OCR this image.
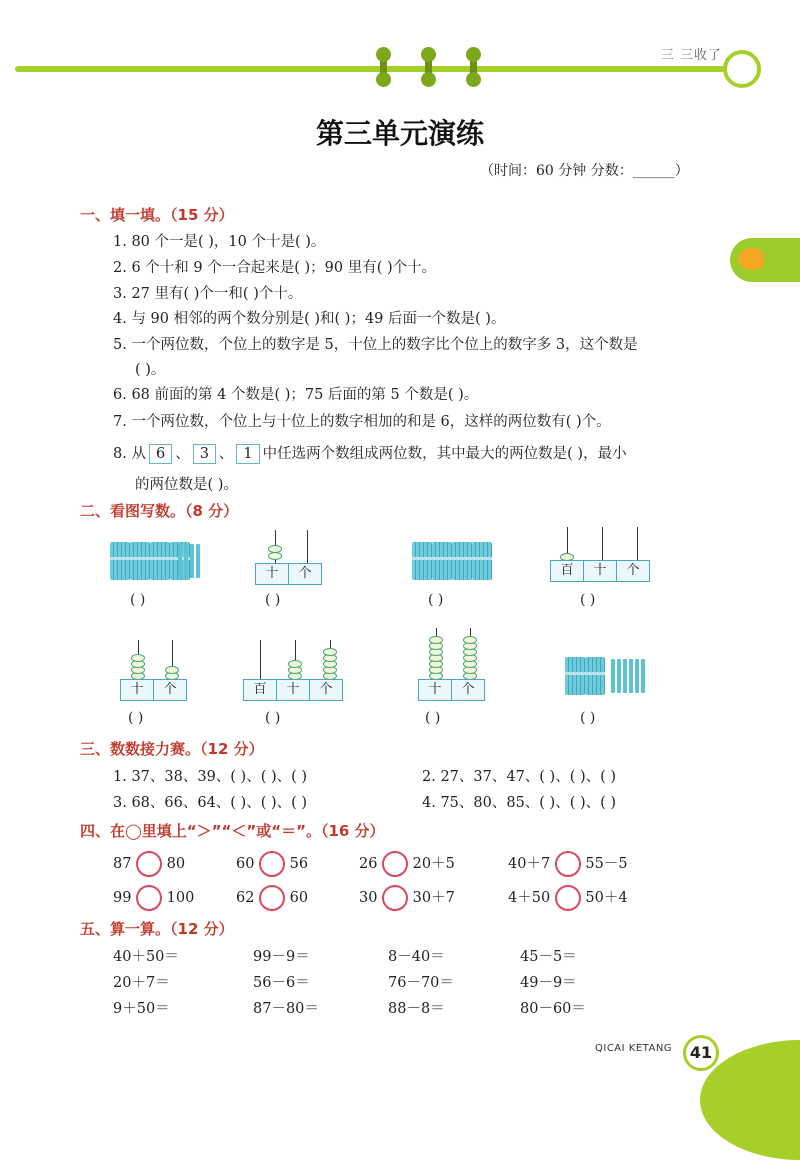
三 三收了
第三单元演练
（时间：60 分钟 分数：______）
一、填一填。（15 分）
1. 80 个一是( )，10 个十是( )。
2. 6 个十和 9 个一合起来是( )；90 里有( )个十。
3. 27 里有( )个一和( )个十。
4. 与 90 相邻的两个数分别是( )和( )；49 后面一个数是( )。
5. 一个两位数，个位上的数字是 5，十位上的数字比个位上的数字多 3，这个数是
( )。
6. 68 前面的第 4 个数是( )；75 后面的第 5 个数是( )。
7. 一个两位数，个位上与十位上的数字相加的和是 6，这样的两位数有( )个。
8. 从 6 、 3 、 1 中任选两个数组成两位数，其中最大的两位数是( )，最小
的两位数是( )。
二、看图写数。（8 分）
十	个	百	十	个
( )	( )	( )	( )
十	个	百	十	个	十	个
( )	( )	( )	( )
三、数数接力赛。（12 分）
1. 37、38、39、( )、( )、( )	2. 27、37、47、( )、( )、( )
3. 68、66、64、( )、( )、( )	4. 75、80、85、( )、( )、( )
四、在◯里填上“＞”“＜”或“＝”。（16 分）
87 80	60 56	26 20＋5	40＋7 55－5
99 100	62 60	30 30＋7	4＋50 50＋4
五、算一算。（12 分）
40＋50＝	99－9＝	8－40＝	45－5＝
20＋7＝	56－6＝	76－70＝	49－9＝
9＋50＝	87－80＝	88－8＝	80－60＝
QICAI KETANG	41
